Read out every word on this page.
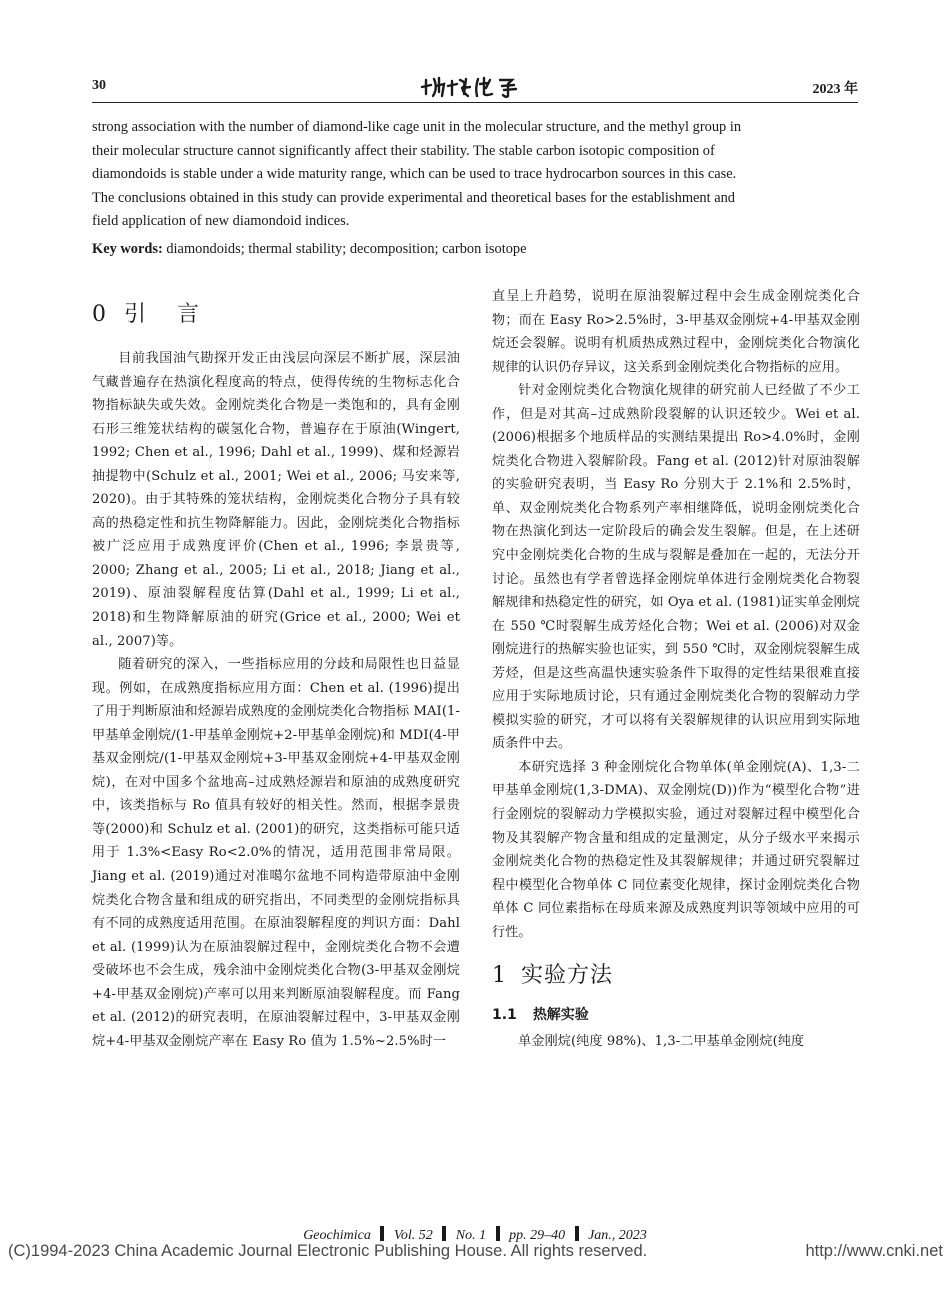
30
地球化学
2023 年

strong association with the number of diamond-like cage unit in the molecular structure, and the methyl group in

their molecular structure cannot significantly affect their stability. The stable carbon isotopic composition of

diamondoids is stable under a wide maturity range, which can be used to trace hydrocarbon sources in this case.

The conclusions obtained in this study can provide experimental and theoretical bases for the establishment and

field application of new diamondoid indices.

Key words: diamondoids; thermal stability; decomposition; carbon isotope
0 引 言

目前我国油气勘探开发正由浅层向深层不断扩展，深层油气藏普遍存在热演化程度高的特点，使得传统的生物标志化合物指标缺失或失效。金刚烷类化合物是一类饱和的，具有金刚石形三维笼状结构的碳氢化合物，普遍存在于原油(Wingert, 1992; Chen et al., 1996; Dahl et al., 1999)、煤和烃源岩抽提物中(Schulz et al., 2001; Wei et al., 2006; 马安来等, 2020)。由于其特殊的笼状结构，金刚烷类化合物分子具有较高的热稳定性和抗生物降解能力。因此，金刚烷类化合物指标被广泛应用于成熟度评价(Chen et al., 1996; 李景贵等, 2000; Zhang et al., 2005; Li et al., 2018; Jiang et al., 2019)、原油裂解程度估算(Dahl et al., 1999; Li et al., 2018)和生物降解原油的研究(Grice et al., 2000; Wei et al., 2007)等。

随着研究的深入，一些指标应用的分歧和局限性也日益显现。例如，在成熟度指标应用方面：Chen et al. (1996)提出了用于判断原油和烃源岩成熟度的金刚烷类化合物指标 MAI(1-甲基单金刚烷/(1-甲基单金刚烷+2-甲基单金刚烷)和 MDI(4-甲基双金刚烷/(1-甲基双金刚烷+3-甲基双金刚烷+4-甲基双金刚烷)，在对中国多个盆地高–过成熟烃源岩和原油的成熟度研究中，该类指标与 Ro 值具有较好的相关性。然而，根据李景贵等(2000)和 Schulz et al. (2001)的研究，这类指标可能只适用于 1.3%<Easy Ro<2.0%的情况，适用范围非常局限。Jiang et al. (2019)通过对准噶尔盆地不同构造带原油中金刚烷类化合物含量和组成的研究指出，不同类型的金刚烷指标具有不同的成熟度适用范围。在原油裂解程度的判识方面：Dahl et al. (1999)认为在原油裂解过程中，金刚烷类化合物不会遭受破坏也不会生成，残余油中金刚烷类化合物(3-甲基双金刚烷+4-甲基双金刚烷)产率可以用来判断原油裂解程度。而 Fang et al. (2012)的研究表明，在原油裂解过程中，3-甲基双金刚烷+4-甲基双金刚烷产率在 Easy Ro 值为 1.5%~2.5%时一

直呈上升趋势，说明在原油裂解过程中会生成金刚烷类化合物；而在 Easy Ro>2.5%时，3-甲基双金刚烷+4-甲基双金刚烷还会裂解。说明有机质热成熟过程中，金刚烷类化合物演化规律的认识仍存异议，这关系到金刚烷类化合物指标的应用。

针对金刚烷类化合物演化规律的研究前人已经做了不少工作，但是对其高–过成熟阶段裂解的认识还较少。Wei et al. (2006)根据多个地质样品的实测结果提出 Ro>4.0%时，金刚烷类化合物进入裂解阶段。Fang et al. (2012)针对原油裂解的实验研究表明，当 Easy Ro 分别大于 2.1%和 2.5%时，单、双金刚烷类化合物系列产率相继降低，说明金刚烷类化合物在热演化到达一定阶段后的确会发生裂解。但是，在上述研究中金刚烷类化合物的生成与裂解是叠加在一起的，无法分开讨论。虽然也有学者曾选择金刚烷单体进行金刚烷类化合物裂解规律和热稳定性的研究，如 Oya et al. (1981)证实单金刚烷在 550 ℃时裂解生成芳烃化合物；Wei et al. (2006)对双金刚烷进行的热解实验也证实，到 550 ℃时，双金刚烷裂解生成芳烃，但是这些高温快速实验条件下取得的定性结果很难直接应用于实际地质讨论，只有通过金刚烷类化合物的裂解动力学模拟实验的研究，才可以将有关裂解规律的认识应用到实际地质条件中去。

本研究选择 3 种金刚烷化合物单体(单金刚烷(A)、1,3-二甲基单金刚烷(1,3-DMA)、双金刚烷(D))作为“模型化合物”进行金刚烷的裂解动力学模拟实验，通过对裂解过程中模型化合物及其裂解产物含量和组成的定量测定，从分子级水平来揭示金刚烷类化合物的热稳定性及其裂解规律；并通过研究裂解过程中模型化合物单体 C 同位素变化规律，探讨金刚烷类化合物单体 C 同位素指标在母质来源及成熟度判识等领域中应用的可行性。

1 实验方法
1.1 热解实验

单金刚烷(纯度 98%)、1,3-二甲基单金刚烷(纯度

Geochimica Vol. 52 No. 1 pp. 29–40 Jan., 2023
(C)1994-2023 China Academic Journal Electronic Publishing House. All rights reserved.	http://www.cnki.net
